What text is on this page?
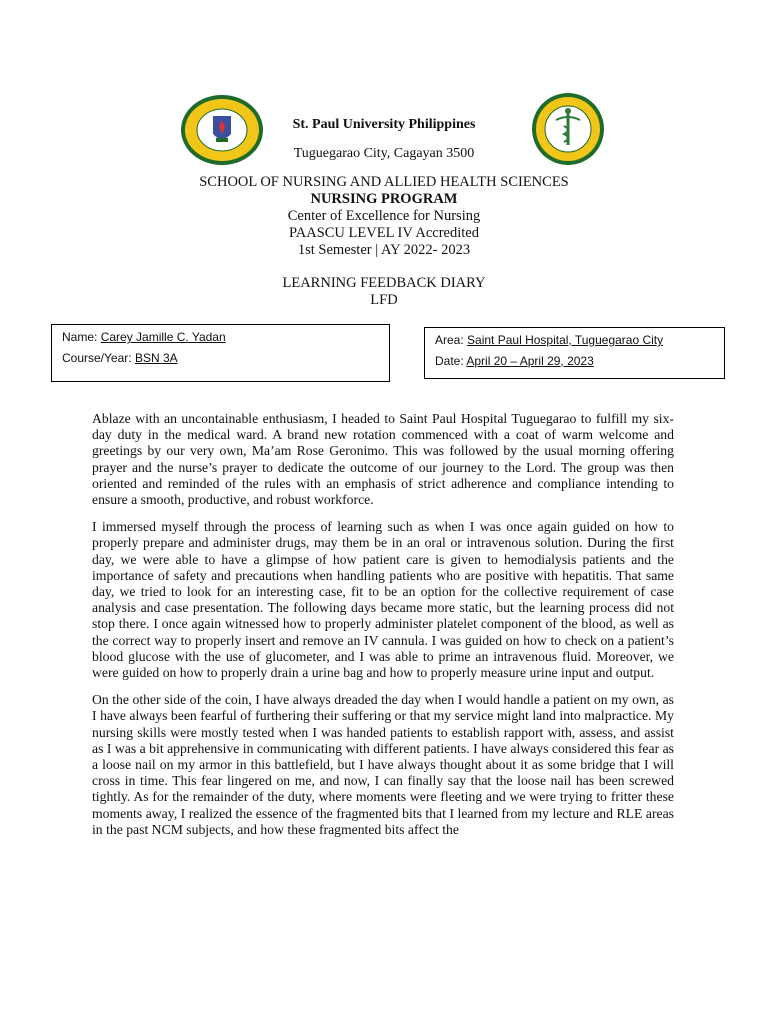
St. Paul University Philippines
Tuguegarao City, Cagayan 3500
SCHOOL OF NURSING AND ALLIED HEALTH SCIENCES
NURSING PROGRAM
Center of Excellence for Nursing
PAASCU LEVEL IV Accredited
1st Semester | AY 2022- 2023
LEARNING FEEDBACK DIARY
LFD
Name: Carey Jamille C. Yadan
Course/Year: BSN 3A
Area: Saint Paul Hospital, Tuguegarao City
Date: April 20 – April 29, 2023

Ablaze with an uncontainable enthusiasm, I headed to Saint Paul Hospital Tuguegarao to fulfill my six-day duty in the medical ward. A brand new rotation commenced with a coat of warm welcome and greetings by our very own, Ma’am Rose Geronimo. This was followed by the usual morning offering prayer and the nurse’s prayer to dedicate the outcome of our journey to the Lord. The group was then oriented and reminded of the rules with an emphasis of strict adherence and compliance intending to ensure a smooth, productive, and robust workforce.

I immersed myself through the process of learning such as when I was once again guided on how to properly prepare and administer drugs, may them be in an oral or intravenous solution. During the first day, we were able to have a glimpse of how patient care is given to hemodialysis patients and the importance of safety and precautions when handling patients who are positive with hepatitis. That same day, we tried to look for an interesting case, fit to be an option for the collective requirement of case analysis and case presentation. The following days became more static, but the learning process did not stop there. I once again witnessed how to properly administer platelet component of the blood, as well as the correct way to properly insert and remove an IV cannula. I was guided on how to check on a patient’s blood glucose with the use of glucometer, and I was able to prime an intravenous fluid. Moreover, we were guided on how to properly drain a urine bag and how to properly measure urine input and output.

On the other side of the coin, I have always dreaded the day when I would handle a patient on my own, as I have always been fearful of furthering their suffering or that my service might land into malpractice. My nursing skills were mostly tested when I was handed patients to establish rapport with, assess, and assist as I was a bit apprehensive in communicating with different patients. I have always considered this fear as a loose nail on my armor in this battlefield, but I have always thought about it as some bridge that I will cross in time. This fear lingered on me, and now, I can finally say that the loose nail has been screwed tightly. As for the remainder of the duty, where moments were fleeting and we were trying to fritter these moments away, I realized the essence of the fragmented bits that I learned from my lecture and RLE areas in the past NCM subjects, and how these fragmented bits affect the
